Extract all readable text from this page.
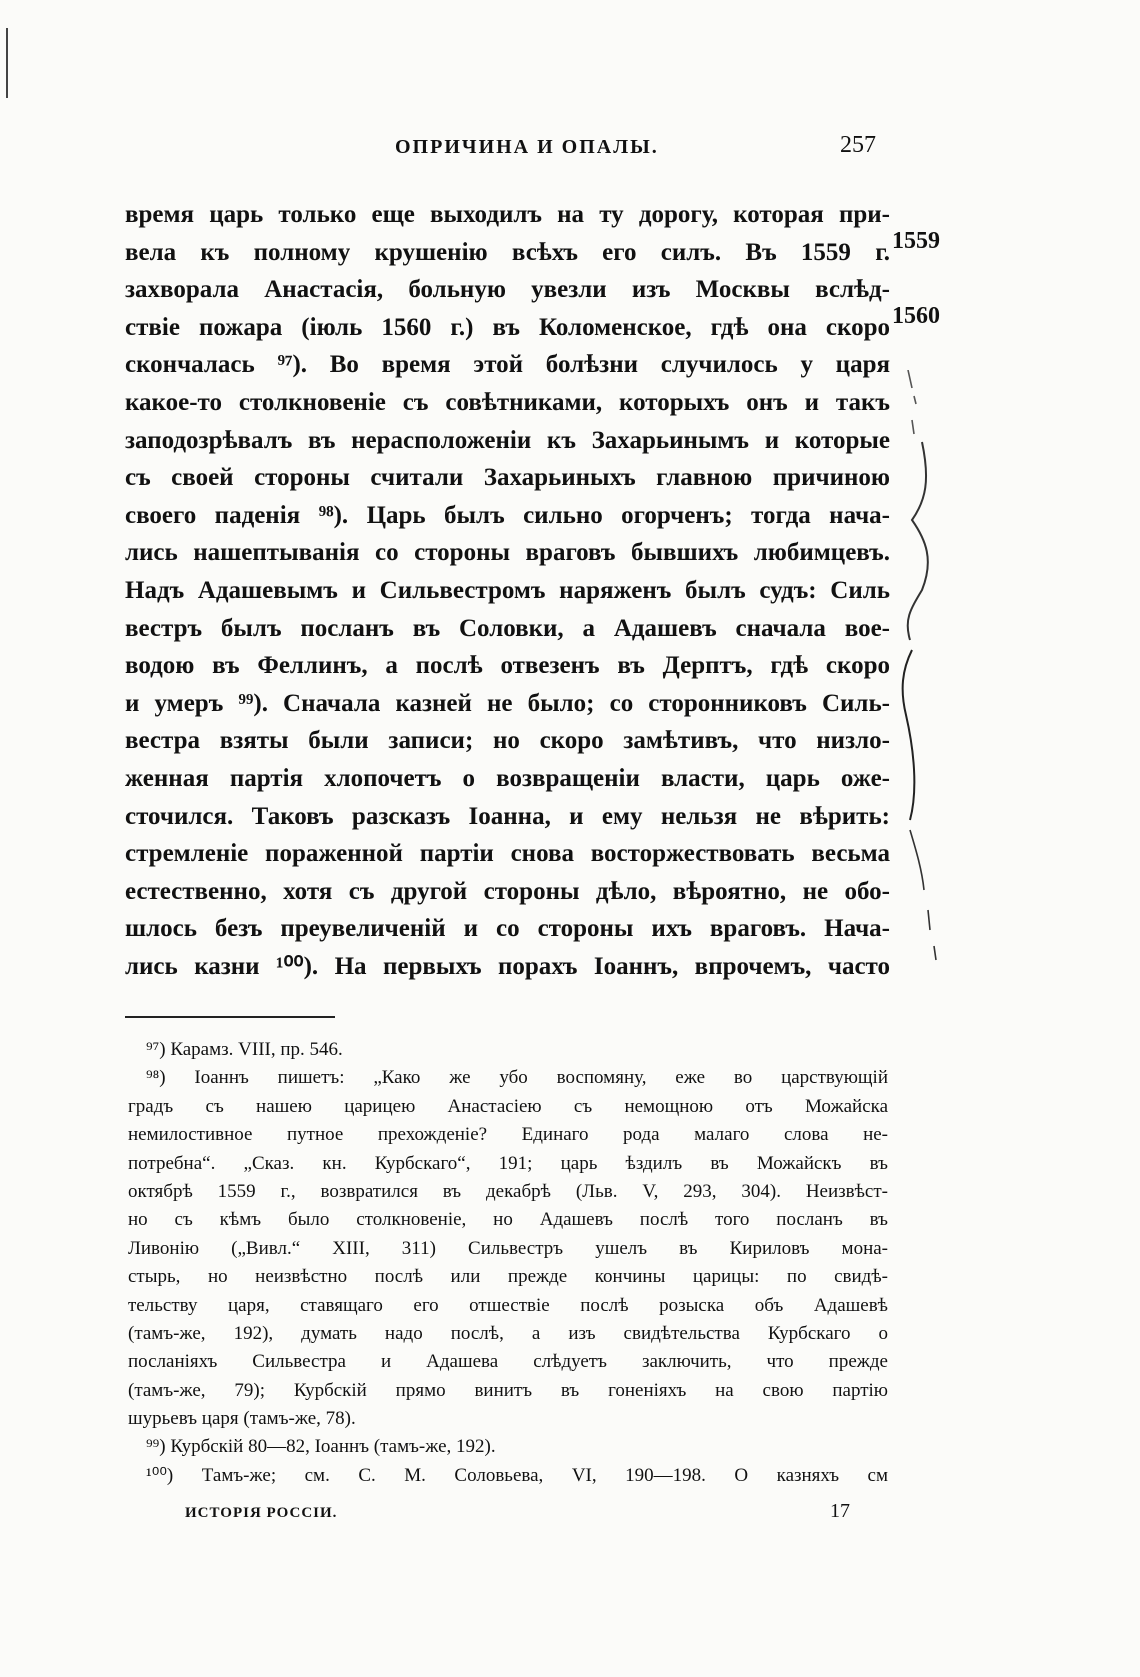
ОПРИЧИНА И ОПАЛЫ.	257
время царь только еще выходилъ на ту дорогу, которая при-
вела къ полному крушенію всѣхъ его силъ. Въ 1559 г.
захворала Анастасія, больную увезли изъ Москвы вслѣд-
ствіе пожара (іюль 1560 г.) въ Коломенское, гдѣ она скоро
скончалась ⁹⁷). Во время этой болѣзни случилось у царя
какое-то столкновеніе съ совѣтниками, которыхъ онъ и такъ
заподозрѣвалъ въ нерасположеніи къ Захарьинымъ и которые
съ своей стороны считали Захарьиныхъ главною причиною
своего паденія ⁹⁸). Царь былъ сильно огорченъ; тогда нача-
лись нашептыванія со стороны враговъ бывшихъ любимцевъ.
Надъ Адашевымъ и Сильвестромъ нaряженъ былъ судъ: Силь
вестръ былъ посланъ въ Соловки, а Адашевъ сначала вое-
водою въ Феллинъ, а послѣ отвезенъ въ Дерптъ, гдѣ скоро
и умеръ ⁹⁹). Сначала казней не было; со сторонниковъ Силь-
вестра взяты были записи; но скоро замѣтивъ, что низло-
женная партія хлопочетъ о возвращеніи власти, царь оже-
сточился. Таковъ разсказъ Іоанна, и ему нельзя не вѣрить:
стремленіе пораженной партіи снова восторжествовать весьма
естественно, хотя съ другой стороны дѣло, вѣроятно, не обо-
шлось безъ преувеличеній и со стороны ихъ враговъ. Нача-
лись казни ¹⁰⁰). На первыхъ порахъ Іоаннъ, впрочемъ, часто
1559
1560
⁹⁷) Карамз. VIII, пр. 546.
⁹⁸) Іоаннъ пишетъ: „Како же убо воспомяну, еже во царствующій
градъ съ нашею царицею Анастасіею съ немощною отъ Можайска
немилостивное путное прехожденіе? Единаго рода малаго слова не-
потребна“. „Сказ. кн. Курбскаго“, 191; царь ѣздилъ въ Можайскъ въ
октябрѣ 1559 г., возвратился въ декабрѣ (Льв. V, 293, 304). Неизвѣст-
но съ кѣмъ было столкновеніе, но Адашевъ послѣ того посланъ въ
Ливонію („Вивл.“ XIII, 311) Сильвестръ ушелъ въ Кириловъ мона-
стырь, но неизвѣстно послѣ или прежде кончины царицы: по свидѣ-
тельству царя, ставящаго его отшествіе послѣ розыска объ Адашевѣ
(тамъ-же, 192), думать надо послѣ, а изъ свидѣтельства Курбскаго о
посланіяхъ Сильвестра и Адашева слѣдуетъ заключить, что прежде
(тамъ-же, 79); Курбскій прямо винитъ въ гоненіяхъ на свою партію
шурьевъ царя (тамъ-же, 78).
⁹⁹) Курбскій 80—82, Іоаннъ (тамъ-же, 192).
¹⁰⁰) Тамъ-же; см. С. М. Соловьева, VI, 190—198. О казняхъ см
ИСТОРІЯ РОССІИ.	17
